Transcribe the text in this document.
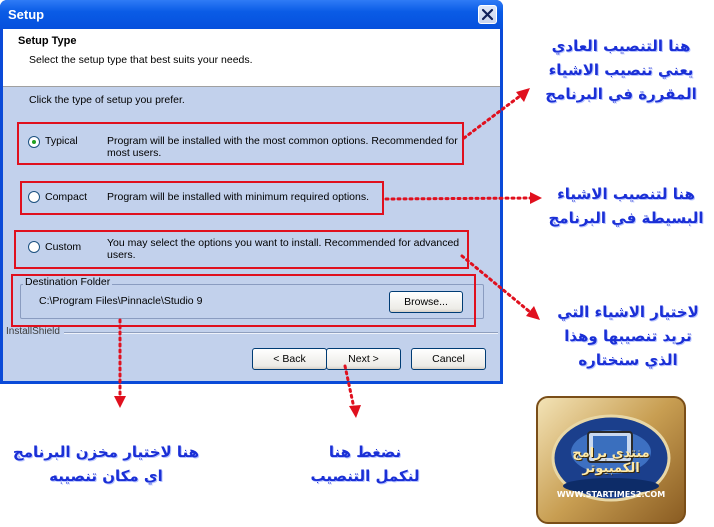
Setup
Setup Type
Select the setup type that best suits your needs.
Click the type of setup you prefer.
Typical	Program will be installed with the most common options. Recommended for most users.
Compact Program will be installed with minimum required options.
Custom You may select the options you want to install. Recommended for advanced users.
Destination Folder
C:\Program Files\Pinnacle\Studio 9	Browse...
InstallShield
< Back	Next >	Cancel
هنا التنصيب العادي يعني تنصيب الاشياء المقررة في البرنامج
هنا لتنصيب الاشياء البسيطة في البرنامج
لاختيار الاشياء التي تريد تنصيبها وهذا الذي سنختاره
هنا لاختيار مخزن البرنامج اي مكان تنصيبه
نضغط هنا لنكمل التنصيب
منتدى برامج الكمبيوتر
WWW.STARTIMES2.COM
